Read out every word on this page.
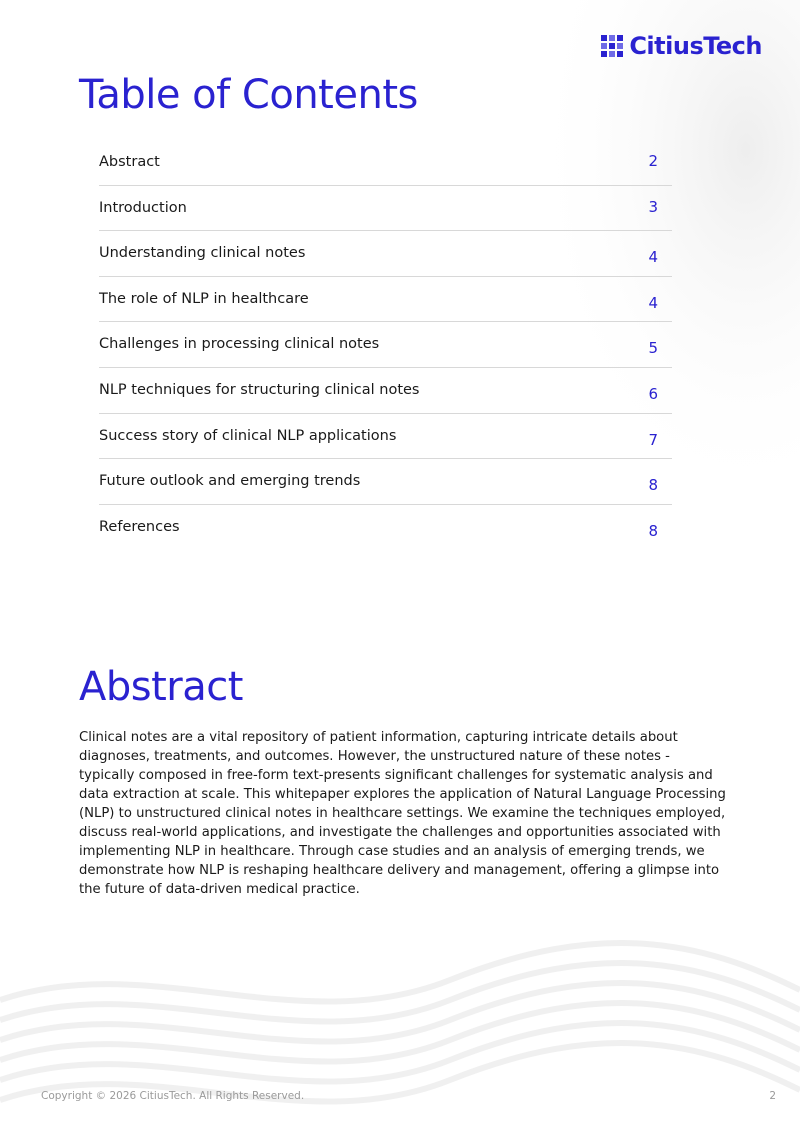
CitiusTech
Table of Contents
Abstract	2
Introduction	3
Understanding clinical notes	4
The role of NLP in healthcare	4
Challenges in processing clinical notes	5
NLP techniques for structuring clinical notes	6
Success story of clinical NLP applications	7
Future outlook and emerging trends	8
References	8
Abstract

Clinical notes are a vital repository of patient information, capturing intricate details about diagnoses, treatments, and outcomes. However, the unstructured nature of these notes - typically composed in free-form text-presents significant challenges for systematic analysis and data extraction at scale. This whitepaper explores the application of Natural Language Processing (NLP) to unstructured clinical notes in healthcare settings. We examine the techniques employed, discuss real-world applications, and investigate the challenges and opportunities associated with implementing NLP in healthcare. Through case studies and an analysis of emerging trends, we demonstrate how NLP is reshaping healthcare delivery and management, offering a glimpse into the future of data-driven medical practice.

Copyright © 2026 CitiusTech. All Rights Reserved.	2
